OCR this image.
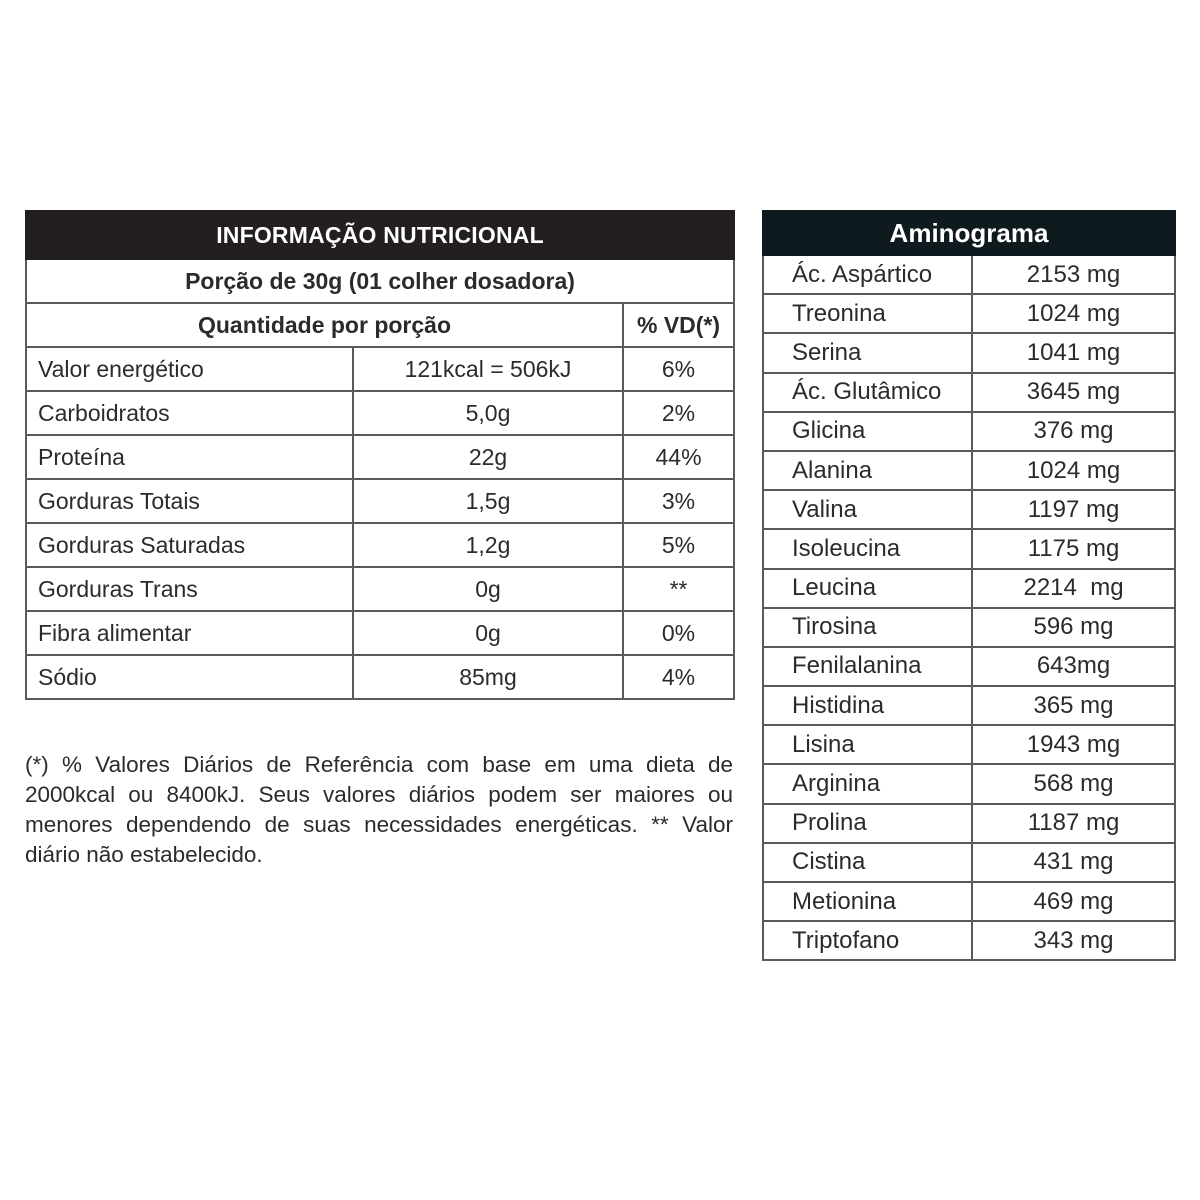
INFORMAÇÃO NUTRICIONAL		
Porção de 30g (01 colher dosadora)		
Quantidade por porção		% VD(*)
Valor energético	121kcal = 506kJ	6%
Carboidratos	5,0g	2%
Proteína	22g	44%
Gorduras Totais	1,5g	3%
Gorduras Saturadas	1,2g	5%
Gorduras Trans	0g	**
Fibra alimentar	0g	0%
Sódio	85mg	4%
(*) % Valores Diários de Referência com base em uma dieta de 2000kcal ou 8400kJ. Seus valores diários podem ser maiores ou menores dependendo de suas necessidades energéticas. ** Valor diário não estabelecido.
Aminograma	
Ác. Aspártico	2153 mg
Treonina	1024 mg
Serina	1041 mg
Ác. Glutâmico	3645 mg
Glicina	376 mg
Alanina	1024 mg
Valina	1197 mg
Isoleucina	1175 mg
Leucina	2214  mg
Tirosina	596 mg
Fenilalanina	643mg
Histidina	365 mg
Lisina	1943 mg
Arginina	568 mg
Prolina	1187 mg
Cistina	431 mg
Metionina	469 mg
Triptofano	343 mg
